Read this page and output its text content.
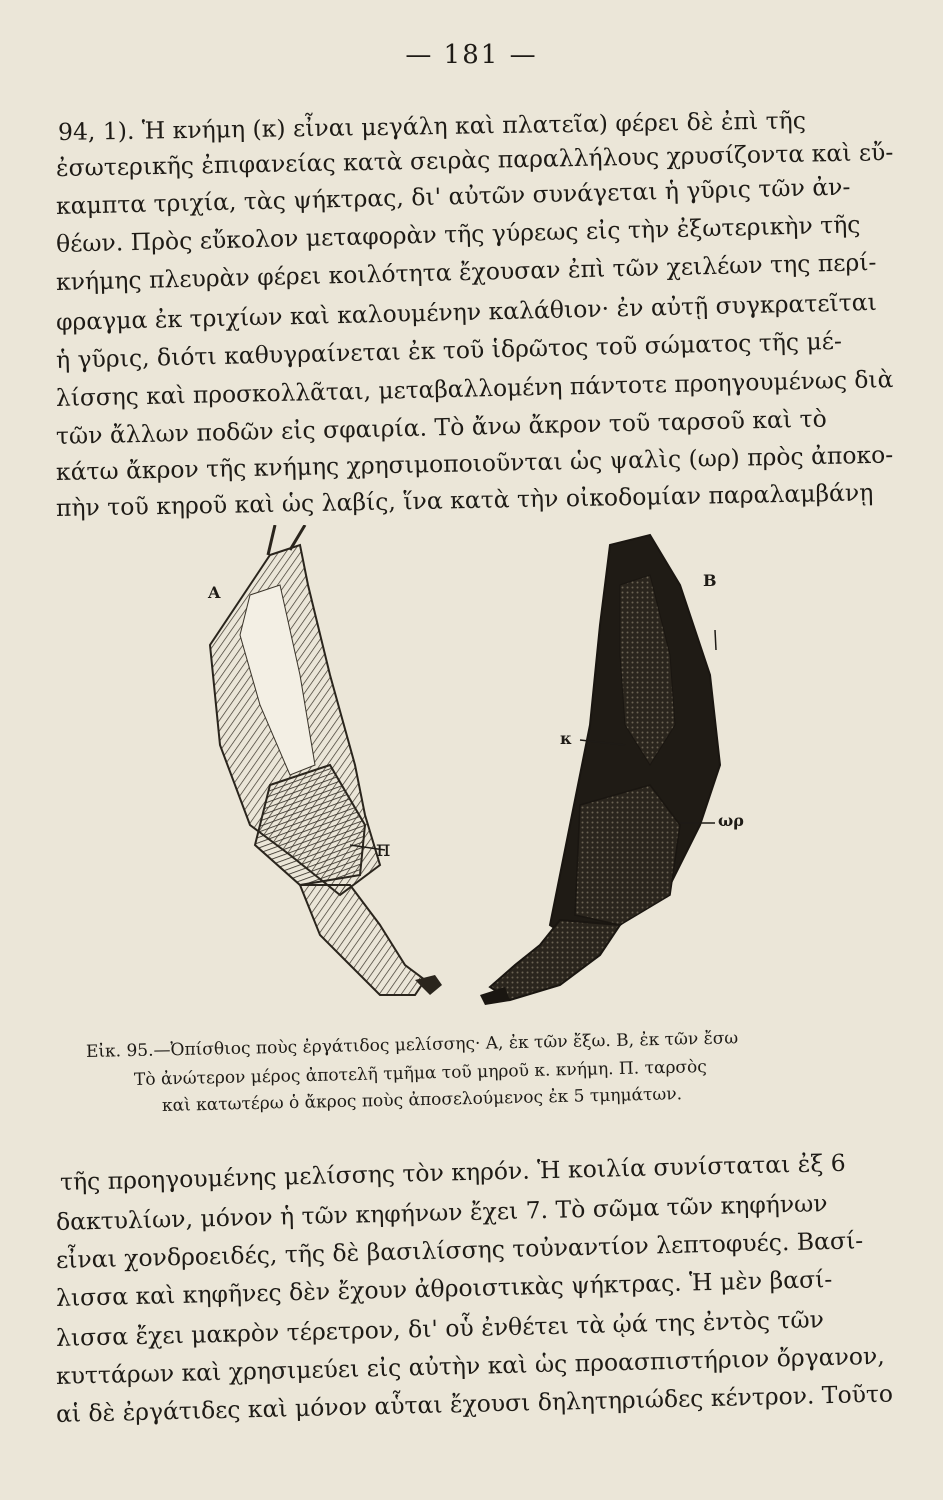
— 181 —
94, 1). Ἡ κνήμη (κ) εἶναι μεγάλη καὶ πλατεῖα) φέρει δὲ ἐπὶ τῆς
ἐσωτερικῆς ἐπιφανείας κατὰ σειρὰς παραλλήλους χρυσίζοντα καὶ εὔ-
καμπτα τριχία, τὰς ψήκτρας, δι' αὐτῶν συνάγεται ἡ γῦρις τῶν ἀν-
θέων. Πρὸς εὔκολον μεταφορὰν τῆς γύρεως εἰς τὴν ἐξωτερικὴν τῆς
κνήμης πλευρὰν φέρει κοιλότητα ἔχουσαν ἐπὶ τῶν χειλέων της περί-
φραγμα ἐκ τριχίων καὶ καλουμένην καλάθιον· ἐν αὐτῇ συγκρατεῖται
ἡ γῦρις, διότι καθυγραίνεται ἐκ τοῦ ἱδρῶτος τοῦ σώματος τῆς μέ-
λίσσης καὶ προσκολλᾶται, μεταβαλλομένη πάντοτε προηγουμένως διὰ
τῶν ἄλλων ποδῶν εἰς σφαιρία. Τὸ ἄνω ἄκρον τοῦ ταρσοῦ καὶ τὸ
κάτω ἄκρον τῆς κνήμης χρησιμοποιοῦνται ὡς ψαλὶς (ωρ) πρὸς ἀποκο-
πὴν τοῦ κηροῦ καὶ ὡς λαβίς, ἵνα κατὰ τὴν οἰκοδομίαν παραλαμβάνῃ
A
B
π
κ
ωρ
Εἰκ. 95.—Ὀπίσθιος ποὺς ἐργάτιδος μελίσσης· Α, ἐκ τῶν ἔξω. Β, ἐκ τῶν ἔσω
Τὸ ἀνώτερον μέρος ἀποτελῆ τμῆμα τοῦ μηροῦ κ. κνήμη. Π. ταρσὸς
καὶ κατωτέρω ὁ ἄκρος ποὺς ἀποσελούμενος ἐκ 5 τμημάτων.
τῆς προηγουμένης μελίσσης τὸν κηρόν. Ἡ κοιλία συνίσταται ἐξ 6
δακτυλίων, μόνον ἡ τῶν κηφήνων ἔχει 7. Τὸ σῶμα τῶν κηφήνων
εἶναι χονδροειδές, τῆς δὲ βασιλίσσης τοὐναντίον λεπτοφυές. Βασί-
λισσα καὶ κηφῆνες δὲν ἔχουν ἀθροιστικὰς ψήκτρας. Ἡ μὲν βασί-
λισσα ἔχει μακρὸν τέρετρον, δι' οὗ ἐνθέτει τὰ ᾠά της ἐντὸς τῶν
κυττάρων καὶ χρησιμεύει εἰς αὐτὴν καὶ ὡς προασπιστήριον ὄργανον,
αἱ δὲ ἐργάτιδες καὶ μόνον αὗται ἔχουσι δηλητηριώδες κέντρον. Τοῦτο
